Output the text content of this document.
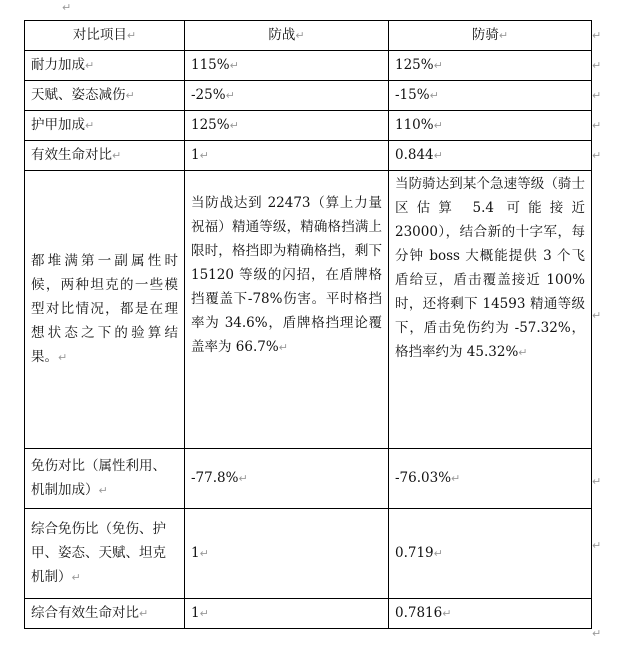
↵
对比项目↵	防战↵	防骑↵
耐力加成↵	115%↵	125%↵
天赋、姿态减伤↵	-25%↵	-15%↵
护甲加成↵	125%↵	110%↵
有效生命对比↵	1↵	0.844↵
都堆满第一副属性时候，两种坦克的一些模型对比情况，都是在理想状态之下的验算结果。↵	当防战达到 22473（算上力量祝福）精通等级，精确格挡满上限时，格挡即为精确格挡，剩下 15120 等级的闪招，在盾牌格挡覆盖下-78%伤害。平时格挡率为 34.6%，盾牌格挡理论覆盖率为 66.7%↵	当防骑达到某个急速等级（骑士区估算 5.4 可能接近 23000），结合新的十字军，每分钟 boss 大概能提供 3 个飞盾给豆，盾击覆盖接近 100%时，还将剩下 14593 精通等级下，盾击免伤约为 -57.32%，格挡率约为 45.32%↵
免伤对比（属性利用、机制加成）↵	-77.8%↵	-76.03%↵
综合免伤比（免伤、护甲、姿态、天赋、坦克机制）↵	1↵	0.719↵
综合有效生命对比↵	1↵	0.7816↵
↵
↵
↵
↵
↵
↵
↵
↵
↵
